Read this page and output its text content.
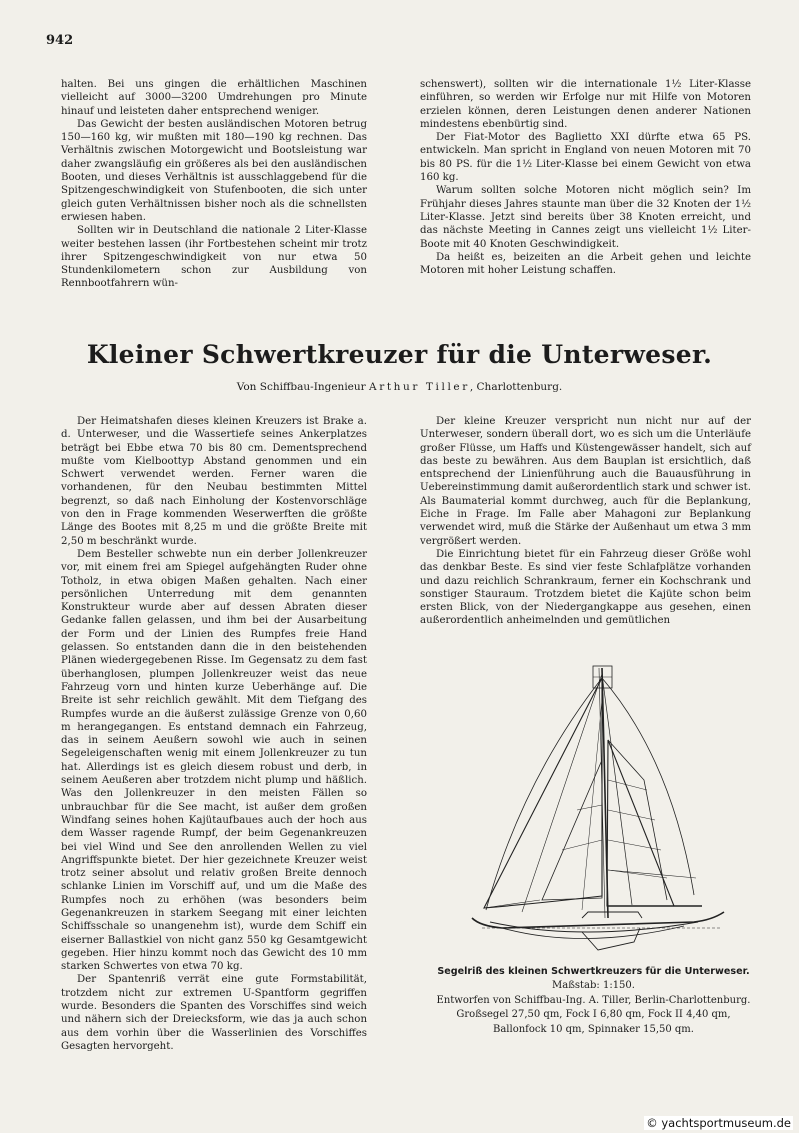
942

halten. Bei uns gingen die erhältlichen Maschinen vielleicht auf 3000—3200 Umdrehungen pro Minute hinauf und leisteten daher entsprechend weniger.

Das Gewicht der besten ausländischen Motoren betrug 150—160 kg, wir mußten mit 180—190 kg rechnen. Das Verhältnis zwischen Motorgewicht und Bootsleistung war daher zwangsläufig ein größeres als bei den ausländischen Booten, und dieses Verhältnis ist ausschlaggebend für die Spitzengeschwindigkeit von Stufenbooten, die sich unter gleich guten Verhältnissen bisher noch als die schnellsten erwiesen haben.

Sollten wir in Deutschland die nationale 2 Liter-Klasse weiter bestehen lassen (ihr Fortbestehen scheint mir trotz ihrer Spitzengeschwindigkeit von nur etwa 50 Stundenkilometern schon zur Ausbildung von Rennbootfahrern wün-

schenswert), sollten wir die internationale 1½ Liter-Klasse einführen, so werden wir Erfolge nur mit Hilfe von Motoren erzielen können, deren Leistungen denen anderer Nationen mindestens ebenbürtig sind.

Der Fiat-Motor des Baglietto XXI dürfte etwa 65 PS. entwickeln. Man spricht in England von neuen Motoren mit 70 bis 80 PS. für die 1½ Liter-Klasse bei einem Gewicht von etwa 160 kg.

Warum sollten solche Motoren nicht möglich sein? Im Frühjahr dieses Jahres staunte man über die 32 Knoten der 1½ Liter-Klasse. Jetzt sind bereits über 38 Knoten erreicht, und das nächste Meeting in Cannes zeigt uns vielleicht 1½ Liter-Boote mit 40 Knoten Geschwindigkeit.

Da heißt es, beizeiten an die Arbeit gehen und leichte Motoren mit hoher Leistung schaffen.

Kleiner Schwertkreuzer für die Unterweser.
Von Schiffbau-Ingenieur Arthur Tiller, Charlottenburg.

Der Heimatshafen dieses kleinen Kreuzers ist Brake a. d. Unterweser, und die Wassertiefe seines Ankerplatzes beträgt bei Ebbe etwa 70 bis 80 cm. Dementsprechend mußte vom Kielboottyp Abstand genommen und ein Schwert verwendet werden. Ferner waren die vorhandenen, für den Neubau bestimmten Mittel begrenzt, so daß nach Einholung der Kostenvorschläge von den in Frage kommenden Weserwerften die größte Länge des Bootes mit 8,25 m und die größte Breite mit 2,50 m beschränkt wurde.

Dem Besteller schwebte nun ein derber Jollenkreuzer vor, mit einem frei am Spiegel aufgehängten Ruder ohne Totholz, in etwa obigen Maßen gehalten. Nach einer persönlichen Unterredung mit dem genannten Konstrukteur wurde aber auf dessen Abraten dieser Gedanke fallen gelassen, und ihm bei der Ausarbeitung der Form und der Linien des Rumpfes freie Hand gelassen. So entstanden dann die in den beistehenden Plänen wiedergegebenen Risse. Im Gegensatz zu dem fast überhanglosen, plumpen Jollenkreuzer weist das neue Fahrzeug vorn und hinten kurze Ueberhänge auf. Die Breite ist sehr reichlich gewählt. Mit dem Tiefgang des Rumpfes wurde an die äußerst zulässige Grenze von 0,60 m herangegangen. Es entstand demnach ein Fahrzeug, das in seinem Aeußern sowohl wie auch in seinen Segeleigenschaften wenig mit einem Jollenkreuzer zu tun hat. Allerdings ist es gleich diesem robust und derb, in seinem Aeußeren aber trotzdem nicht plump und häßlich. Was den Jollenkreuzer in den meisten Fällen so unbrauchbar für die See macht, ist außer dem großen Windfang seines hohen Kajütaufbaues auch der hoch aus dem Wasser ragende Rumpf, der beim Gegenankreuzen bei viel Wind und See den anrollenden Wellen zu viel Angriffspunkte bietet. Der hier gezeichnete Kreuzer weist trotz seiner absolut und relativ großen Breite dennoch schlanke Linien im Vorschiff auf, und um die Maße des Rumpfes noch zu erhöhen (was besonders beim Gegenankreuzen in starkem Seegang mit einer leichten Schiffsschale so unangenehm ist), wurde dem Schiff ein eiserner Ballastkiel von nicht ganz 550 kg Gesamtgewicht gegeben. Hier hinzu kommt noch das Gewicht des 10 mm starken Schwertes von etwa 70 kg.

Der Spantenriß verrät eine gute Formstabilität, trotzdem nicht zur extremen U-Spantform gegriffen wurde. Besonders die Spanten des Vorschiffes sind weich und nähern sich der Dreiecksform, wie das ja auch schon aus dem vorhin über die Wasserlinien des Vorschiffes Gesagten hervorgeht.

Der kleine Kreuzer verspricht nun nicht nur auf der Unterweser, sondern überall dort, wo es sich um die Unterläufe großer Flüsse, um Haffs und Küstengewässer handelt, sich auf das beste zu bewähren. Aus dem Bauplan ist ersichtlich, daß entsprechend der Linienführung auch die Bauausführung in Uebereinstimmung damit außerordentlich stark und schwer ist. Als Baumaterial kommt durchweg, auch für die Beplankung, Eiche in Frage. Im Falle aber Mahagoni zur Beplankung verwendet wird, muß die Stärke der Außenhaut um etwa 3 mm vergrößert werden.

Die Einrichtung bietet für ein Fahrzeug dieser Größe wohl das denkbar Beste. Es sind vier feste Schlafplätze vorhanden und dazu reichlich Schrankraum, ferner ein Kochschrank und sonstiger Stauraum. Trotzdem bietet die Kajüte schon beim ersten Blick, von der Niedergangkappe aus gesehen, einen außerordentlich anheimelnden und gemütlichen

Segelriß des kleinen Schwertkreuzers für die Unterweser.
Maßstab: 1:150.
Entworfen von Schiffbau-Ing. A. Tiller, Berlin-Charlottenburg.
Großsegel 27,50 qm, Fock I 6,80 qm, Fock II 4,40 qm,
Ballonfock 10 qm, Spinnaker 15,50 qm.
© yachtsportmuseum.de
